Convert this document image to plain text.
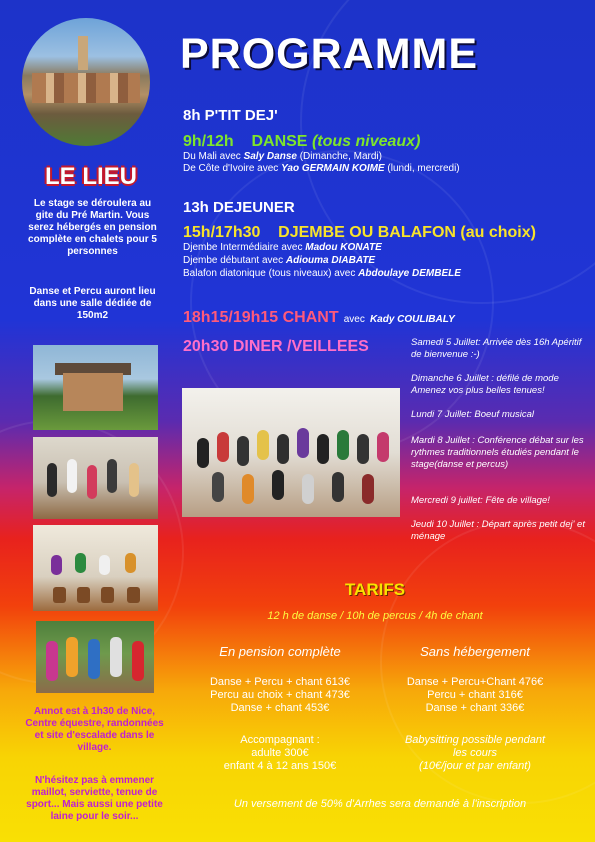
PROGRAMME
8h P'TIT DEJ'
9h/12h DANSE (tous niveaux)
Du Mali avec Saly Danse (Dimanche, Mardi)
De Côte d'Ivoire avec Yao GERMAIN KOIME (lundi, mercredi)
13h DEJEUNER
15h/17h30 DJEMBE OU BALAFON (au choix)
Djembe Intermédiaire avec Madou KONATE
Djembe débutant avec Adiouma DIABATE
Balafon diatonique (tous niveaux) avec Abdoulaye DEMBELE
18h15/19h15 CHANT avec Kady COULIBALY
20h30 DINER /VEILLEES
LE LIEU
Le stage se déroulera au gite du Pré Martin. Vous serez hébergés en pension complète en chalets pour 5 personnes
Danse et Percu auront lieu dans une salle dédiée de 150m2
Samedi 5 Juillet: Arrivée dès 16h Apéritif de bienvenue :-)
Dimanche 6 Juillet : défilé de mode Amenez vos plus belles tenues!
Lundi 7 Juillet: Boeuf musical
Mardi 8 Juillet : Conférence débat sur les rythmes traditionnels étudiés pendant le stage(danse et percus)
Mercredi 9 juillet: Fête de village!
Jeudi 10 Juillet : Départ après petit dej' et ménage
TARIFS
12 h de danse / 10h de percus / 4h de chant
En pension complète
Danse + Percu + chant 613€
Percu au choix + chant 473€
Danse + chant 453€
Accompagnant :
adulte 300€
enfant 4 à 12 ans 150€
Sans hébergement
Danse + Percu+Chant 476€
Percu + chant 316€
Danse + chant 336€
Babysitting possible pendant
les cours
(10€/jour et par enfant)
Un versement de 50% d'Arrhes sera demandé à l'inscription
Annot est à 1h30 de Nice, Centre équestre, randonnées et site d'escalade dans le village.
N'hésitez pas à emmener maillot, serviette, tenue de sport... Mais aussi une petite laine pour le soir...
